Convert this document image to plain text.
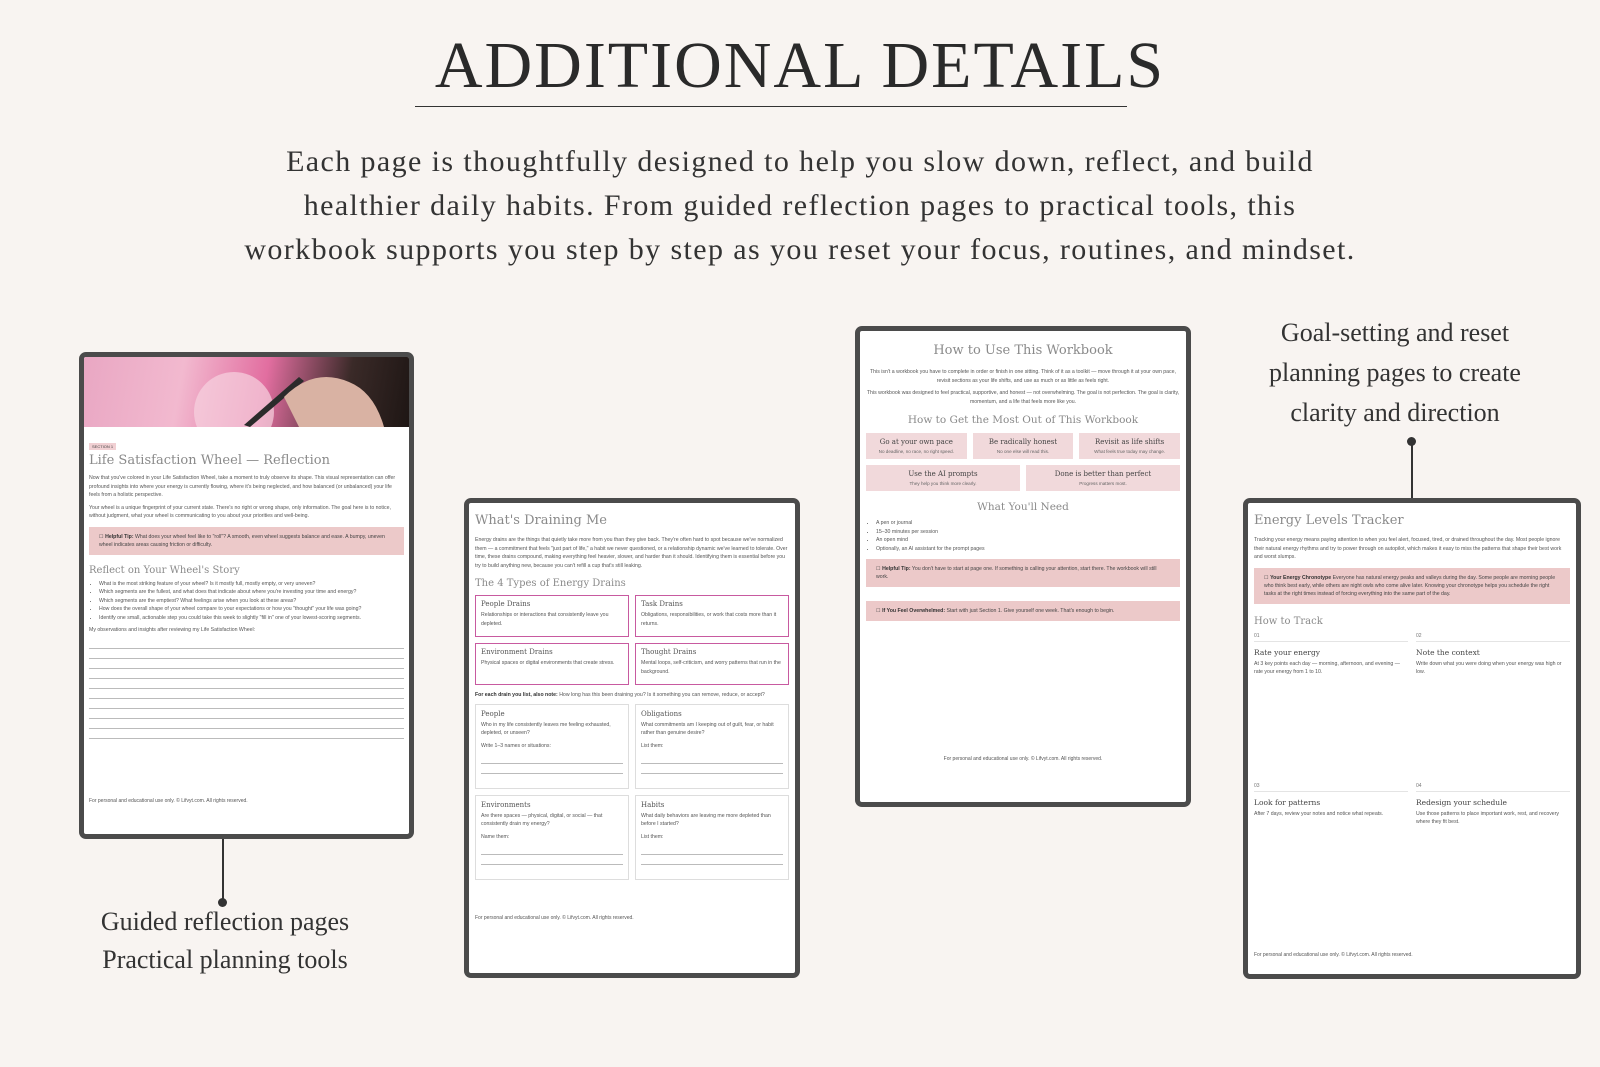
ADDITIONAL DETAILS
Each page is thoughtfully designed to help you slow down, reflect, and build
healthier daily habits. From guided reflection pages to practical tools, this
workbook supports you step by step as you reset your focus, routines, and mindset.
SECTION 1
Life Satisfaction Wheel — Reflection

Now that you've colored in your Life Satisfaction Wheel, take a moment to truly observe its shape. This visual representation can offer profound insights into where your energy is currently flowing, where it's being neglected, and how balanced (or unbalanced) your life feels from a holistic perspective.

Your wheel is a unique fingerprint of your current state. There's no right or wrong shape, only information. The goal here is to notice, without judgment, what your wheel is communicating to you about your priorities and well-being.

☐ Helpful Tip: What does your wheel feel like to "roll"? A smooth, even wheel suggests balance and ease. A bumpy, uneven wheel indicates areas causing friction or difficulty.
Reflect on Your Wheel's Story
• What is the most striking feature of your wheel? Is it mostly full, mostly empty, or very uneven?
• Which segments are the fullest, and what does that indicate about where you're investing your time and energy?
• Which segments are the emptiest? What feelings arise when you look at these areas?
• How does the overall shape of your wheel compare to your expectations or how you "thought" your life was going?
• Identify one small, actionable step you could take this week to slightly "fill in" one of your lowest-scoring segments.

My observations and insights after reviewing my Life Satisfaction Wheel:

For personal and educational use only. © Lifvyt.com. All rights reserved.
Guided reflection pages
Practical planning tools
What's Draining Me

Energy drains are the things that quietly take more from you than they give back. They're often hard to spot because we've normalized them — a commitment that feels "just part of life," a habit we never questioned, or a relationship dynamic we've learned to tolerate. Over time, these drains compound, making everything feel heavier, slower, and harder than it should. Identifying them is essential before you try to build anything new, because you can't refill a cup that's still leaking.

The 4 Types of Energy Drains
People Drains
Relationships or interactions that consistently leave you depleted.
Task Drains
Obligations, responsibilities, or work that costs more than it returns.
Environment Drains
Physical spaces or digital environments that create stress.
Thought Drains
Mental loops, self-criticism, and worry patterns that run in the background.

For each drain you list, also note: How long has this been draining you? Is it something you can remove, reduce, or accept?

People
Who in my life consistently leaves me feeling exhausted, depleted, or unseen?
Write 1–3 names or situations:
Obligations
What commitments am I keeping out of guilt, fear, or habit rather than genuine desire?
List them:
Environments
Are there spaces — physical, digital, or social — that consistently drain my energy?
Name them:
Habits
What daily behaviors are leaving me more depleted than before I started?
List them:
For personal and educational use only. © Lifvyt.com. All rights reserved.
How to Use This Workbook

This isn't a workbook you have to complete in order or finish in one sitting. Think of it as a toolkit — move through it at your own pace, revisit sections as your life shifts, and use as much or as little as feels right.

This workbook was designed to feel practical, supportive, and honest — not overwhelming. The goal is not perfection. The goal is clarity, momentum, and a life that feels more like you.

How to Get the Most Out of This Workbook
Go at your own pace
No deadline, no race, no right speed.
Be radically honest
No one else will read this.
Revisit as life shifts
What feels true today may change.
Use the AI prompts
They help you think more clearly.
Done is better than perfect
Progress matters most.
What You'll Need
• A pen or journal
• 15–30 minutes per session
• An open mind
• Optionally, an AI assistant for the prompt pages
☐ Helpful Tip: You don't have to start at page one. If something is calling your attention, start there. The workbook will still work.
☐ If You Feel Overwhelmed: Start with just Section 1. Give yourself one week. That's enough to begin.
For personal and educational use only. © Lifvyt.com. All rights reserved.
Goal-setting and reset
planning pages to create
clarity and direction
Energy Levels Tracker

Tracking your energy means paying attention to when you feel alert, focused, tired, or drained throughout the day. Most people ignore their natural energy rhythms and try to power through on autopilot, which makes it easy to miss the patterns that shape their best work and worst slumps.

☐ Your Energy Chronotype Everyone has natural energy peaks and valleys during the day. Some people are morning people who think best early, while others are night owls who come alive later. Knowing your chronotype helps you schedule the right tasks at the right times instead of forcing everything into the same part of the day.
How to Track
01
Rate your energy
At 3 key points each day — morning, afternoon, and evening — rate your energy from 1 to 10.
02
Note the context
Write down what you were doing when your energy was high or low.
03
Look for patterns
After 7 days, review your notes and notice what repeats.
04
Redesign your schedule
Use those patterns to place important work, rest, and recovery where they fit best.
For personal and educational use only. © Lifvyt.com. All rights reserved.
